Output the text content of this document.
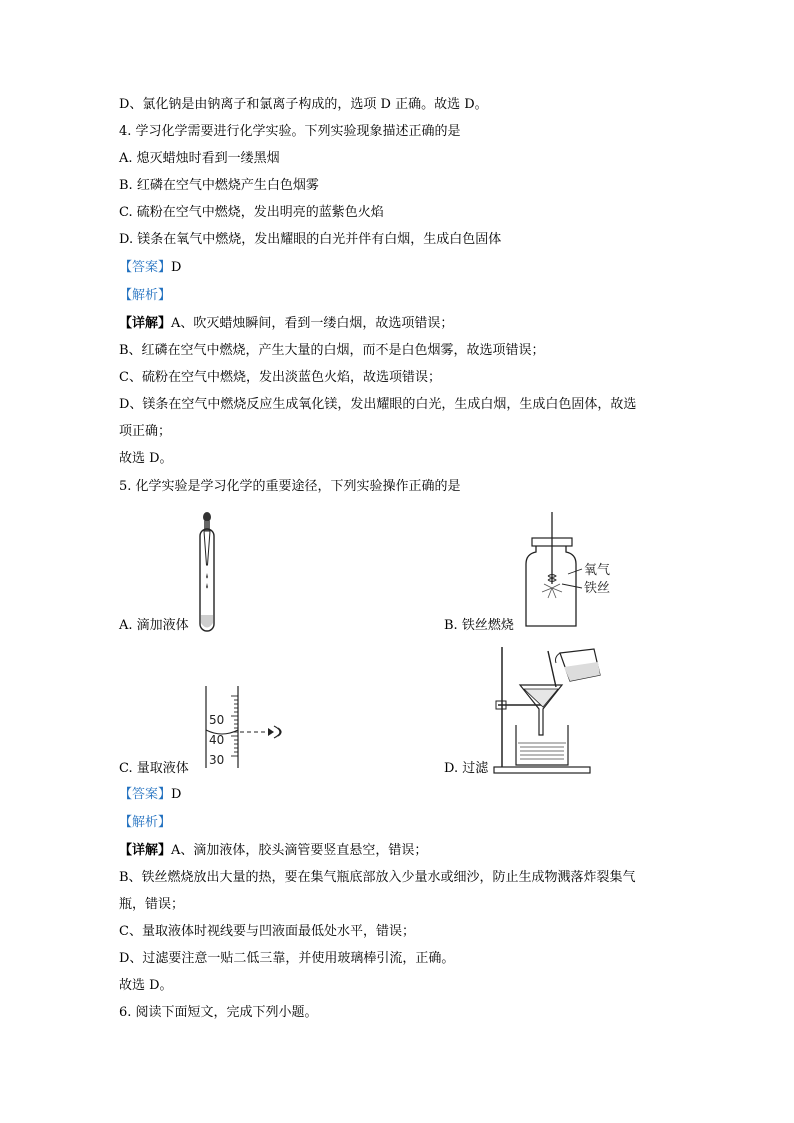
D、氯化钠是由钠离子和氯离子构成的，选项 D 正确。故选 D。
4. 学习化学需要进行化学实验。下列实验现象描述正确的是
A. 熄灭蜡烛时看到一缕黑烟
B. 红磷在空气中燃烧产生白色烟雾
C. 硫粉在空气中燃烧，发出明亮的蓝紫色火焰
D. 镁条在氧气中燃烧，发出耀眼的白光并伴有白烟，生成白色固体
【答案】D
【解析】
【详解】A、吹灭蜡烛瞬间，看到一缕白烟，故选项错误；
B、红磷在空气中燃烧，产生大量的白烟，而不是白色烟雾，故选项错误；
C、硫粉在空气中燃烧，发出淡蓝色火焰，故选项错误；
D、镁条在空气中燃烧反应生成氧化镁，发出耀眼的白光，生成白烟，生成白色固体，故选
项正确；
故选 D。
5. 化学实验是学习化学的重要途径，下列实验操作正确的是
A. 滴加液体
氧气
铁丝
B. 铁丝燃烧
50
40
30
C. 量取液体	D. 过滤
【答案】D
【解析】
【详解】A、滴加液体，胶头滴管要竖直悬空，错误；
B、铁丝燃烧放出大量的热，要在集气瓶底部放入少量水或细沙，防止生成物溅落炸裂集气
瓶，错误；
C、量取液体时视线要与凹液面最低处水平，错误；
D、过滤要注意一贴二低三靠，并使用玻璃棒引流，正确。
故选 D。
6. 阅读下面短文，完成下列小题。
